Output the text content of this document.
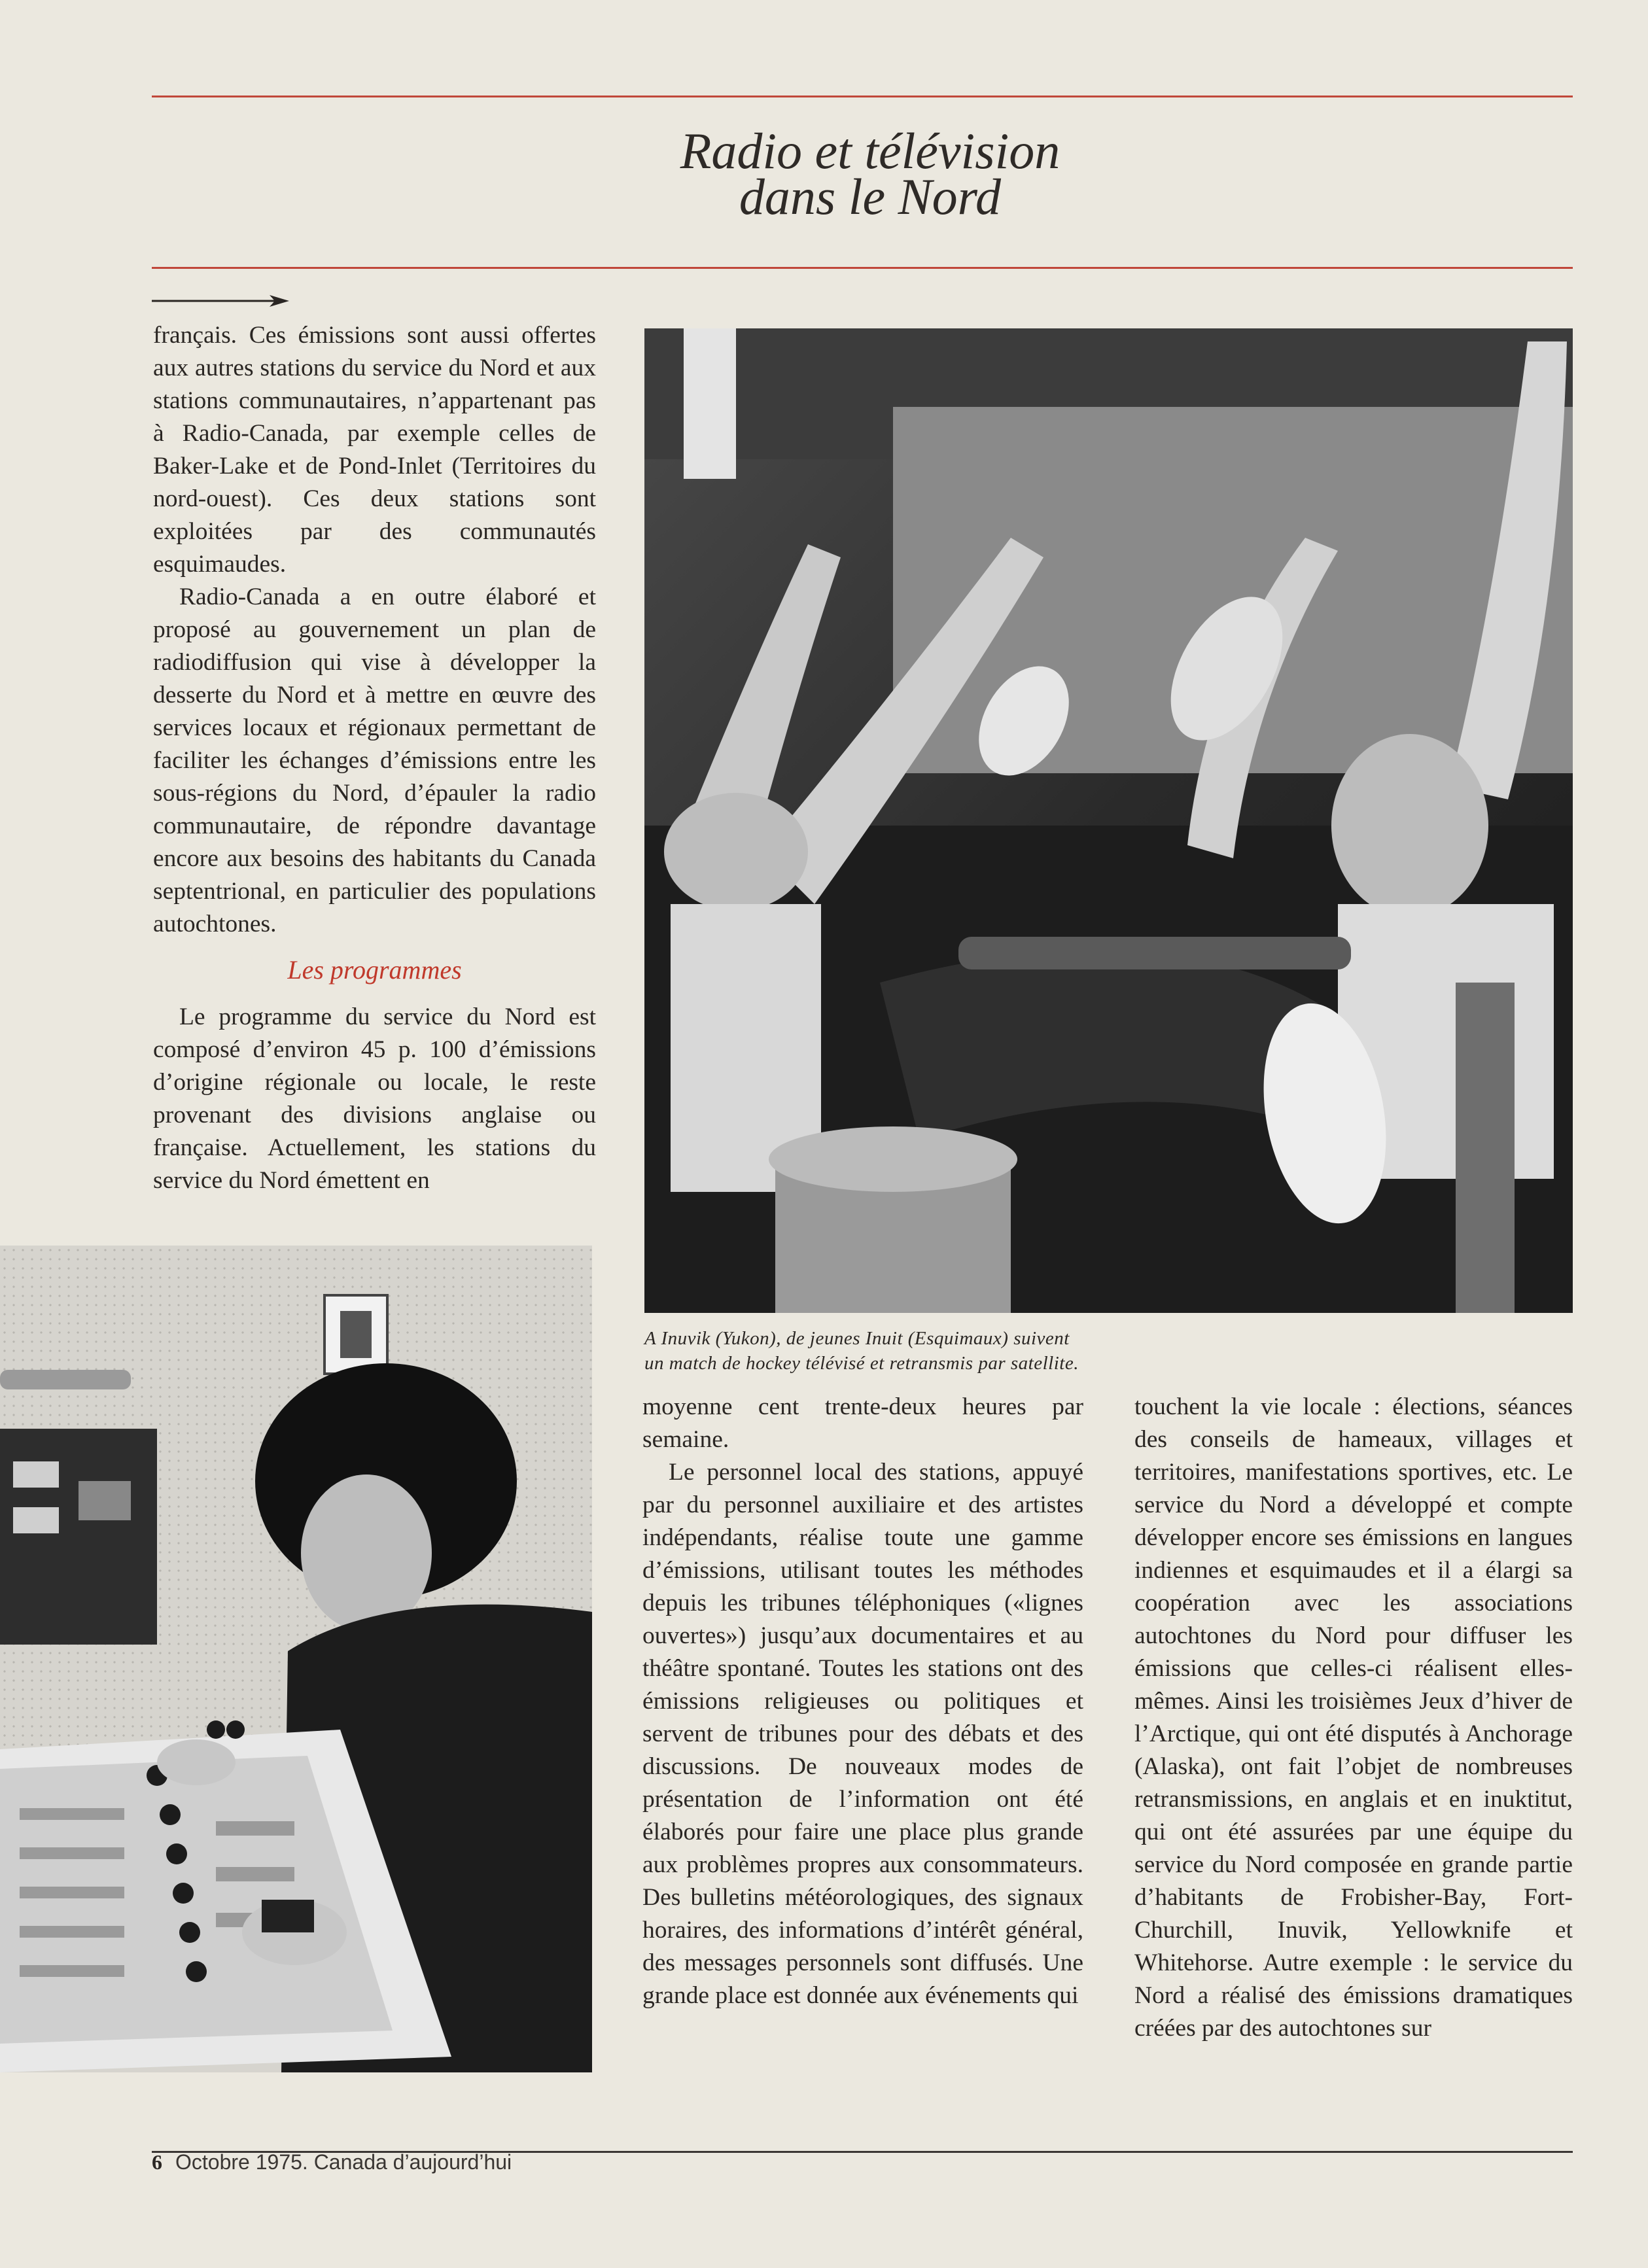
Radio et télévision
dans le Nord

français. Ces émissions sont aussi offertes aux autres stations du service du Nord et aux stations communautaires, n’appartenant pas à Radio-Canada, par exemple celles de Baker-Lake et de Pond-Inlet (Territoires du nord-ouest). Ces deux stations sont exploitées par des communautés esquimaudes.

Radio-Canada a en outre élaboré et proposé au gouvernement un plan de radiodiffusion qui vise à développer la desserte du Nord et à mettre en œuvre des services locaux et régionaux permettant de faciliter les échanges d’émissions entre les sous-régions du Nord, d’épauler la radio communautaire, de répondre davantage encore aux besoins des habitants du Canada septentrional, en particulier des populations autochtones.

Les programmes

Le programme du service du Nord est composé d’environ 45 p. 100 d’émissions d’origine régionale ou locale, le reste provenant des divisions anglaise ou française. Actuellement, les stations du service du Nord émettent en

A Inuvik (Yukon), de jeunes Inuit (Esquimaux) suivent
un match de hockey télévisé et retransmis par satellite.

moyenne cent trente-deux heures par semaine.

Le personnel local des stations, appuyé par du personnel auxiliaire et des artistes indépendants, réalise toute une gamme d’émissions, utilisant toutes les méthodes depuis les tribunes téléphoniques («lignes ouvertes») jusqu’aux documentaires et au théâtre spontané. Toutes les stations ont des émissions religieuses ou politiques et servent de tribunes pour des débats et des discussions. De nouveaux modes de présentation de l’information ont été élaborés pour faire une place plus grande aux problèmes propres aux consommateurs. Des bulletins météorologiques, des signaux horaires, des informations d’intérêt général, des messages personnels sont diffusés. Une grande place est donnée aux événements qui

touchent la vie locale : élections, séances des conseils de hameaux, villages et territoires, manifestations sportives, etc. Le service du Nord a développé et compte développer encore ses émissions en langues indiennes et esquimaudes et il a élargi sa coopération avec les associations autochtones du Nord pour diffuser les émissions que celles-ci réalisent elles-mêmes. Ainsi les troisièmes Jeux d’hiver de l’Arctique, qui ont été disputés à Anchorage (Alaska), ont fait l’objet de nombreuses retransmissions, en anglais et en inuktitut, qui ont été assurées par une équipe du service du Nord composée en grande partie d’habitants de Frobisher-Bay, Fort-Churchill, Inuvik, Yellowknife et Whitehorse. Autre exemple : le service du Nord a réalisé des émissions dramatiques créées par des autochtones sur

6 Octobre 1975. Canada d’aujourd’hui
